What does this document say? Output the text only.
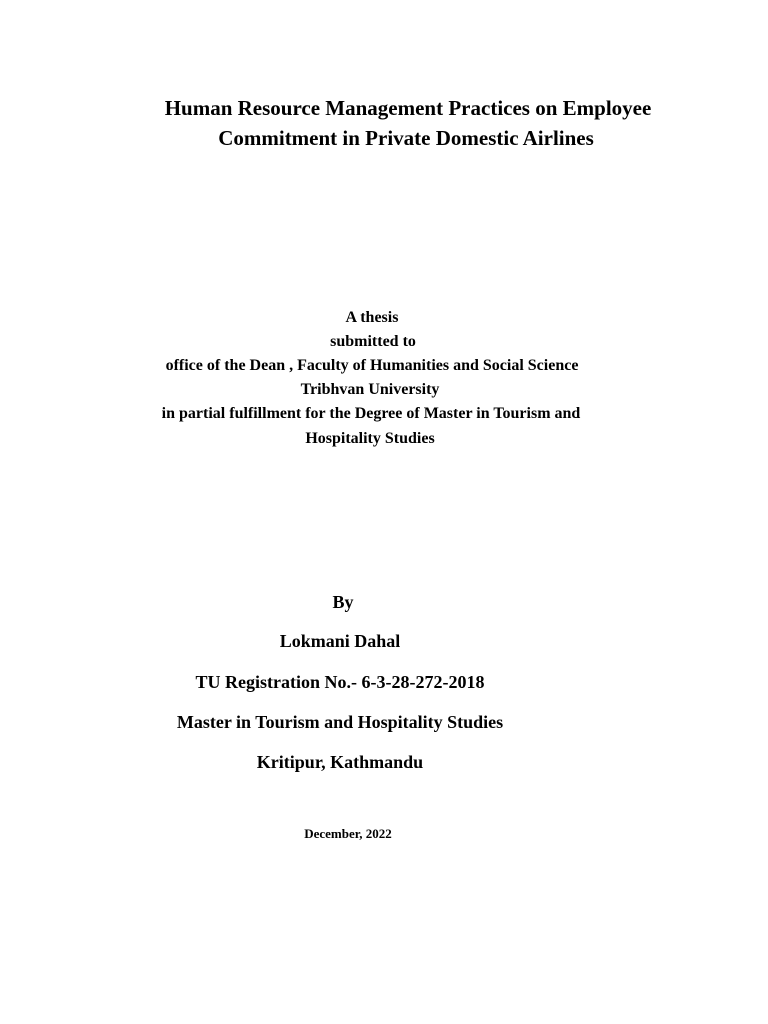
Human Resource Management Practices on Employee
Commitment in Private Domestic Airlines
A thesis
submitted to
office of the Dean , Faculty of Humanities and Social Science
Tribhvan University
in partial fulfillment for the Degree of Master in Tourism and
Hospitality Studies
By
Lokmani Dahal
TU Registration No.- 6-3-28-272-2018
Master in Tourism and Hospitality Studies
Kritipur, Kathmandu
December, 2022
